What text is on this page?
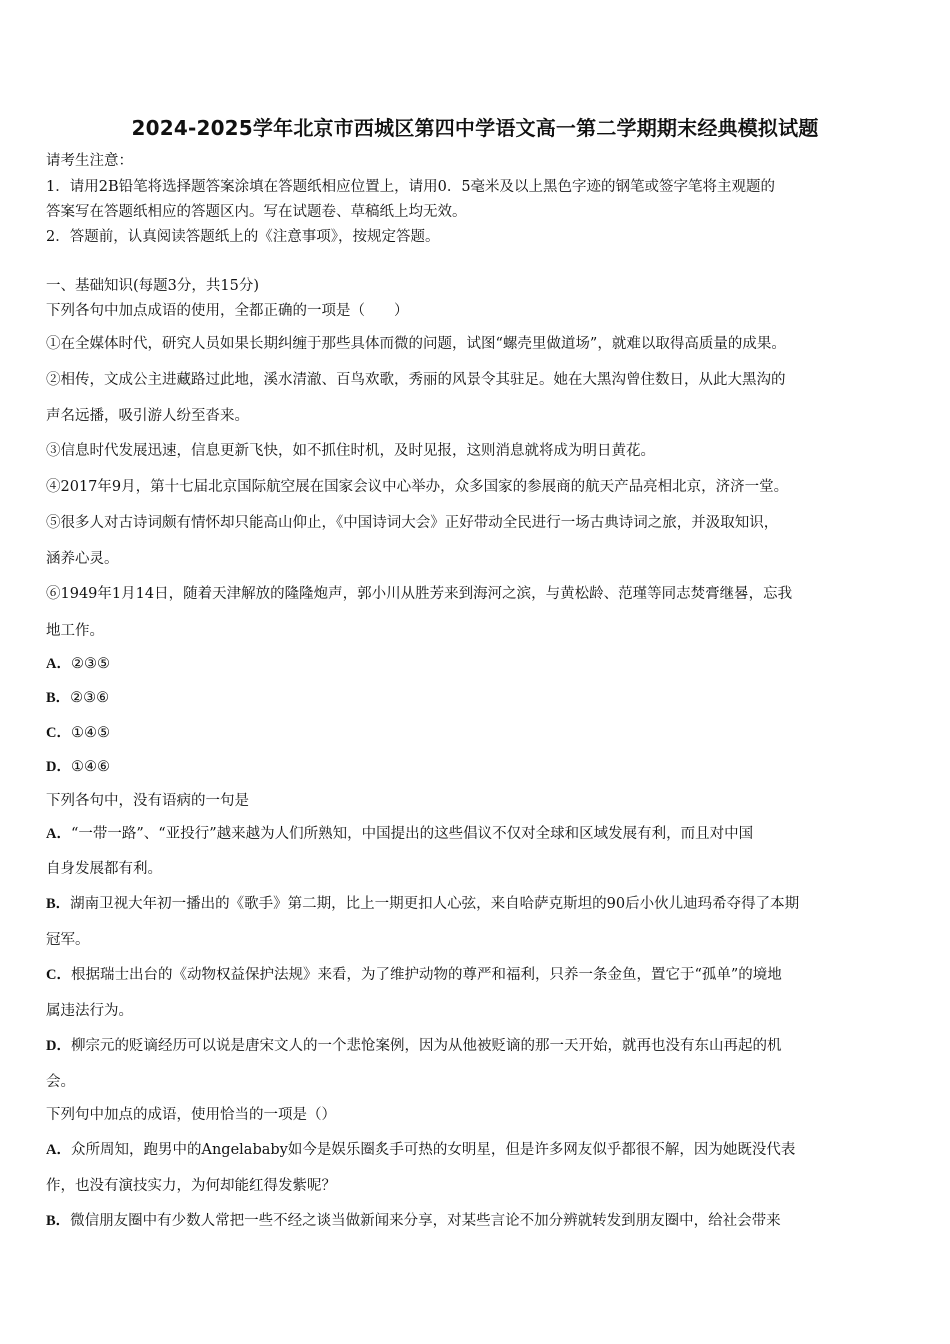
2024-2025学年北京市西城区第四中学语文高一第二学期期末经典模拟试题
请考生注意：
1．请用2B铅笔将选择题答案涂填在答题纸相应位置上，请用0．5毫米及以上黑色字迹的钢笔或签字笔将主观题的
答案写在答题纸相应的答题区内。写在试题卷、草稿纸上均无效。
2．答题前，认真阅读答题纸上的《注意事项》，按规定答题。
一、基础知识(每题3分，共15分)
下列各句中加点成语的使用，全都正确的一项是（　　）
①在全媒体时代，研究人员如果长期纠缠于那些具体而微的问题，试图“螺壳里做道场”，就难以取得高质量的成果。
②相传，文成公主进藏路过此地，溪水清澈、百鸟欢歌，秀丽的风景令其驻足。她在大黑沟曾住数日，从此大黑沟的
声名远播，吸引游人纷至沓来。
③信息时代发展迅速，信息更新飞快，如不抓住时机，及时见报，这则消息就将成为明日黄花。
④2017年9月，第十七届北京国际航空展在国家会议中心举办，众多国家的参展商的航天产品亮相北京，济济一堂。
⑤很多人对古诗词颇有情怀却只能高山仰止，《中国诗词大会》正好带动全民进行一场古典诗词之旅，并汲取知识，
涵养心灵。
⑥1949年1月14日，随着天津解放的隆隆炮声，郭小川从胜芳来到海河之滨，与黄松龄、范瑾等同志焚膏继晷，忘我
地工作。
A．②③⑤
B．②③⑥
C．①④⑤
D．①④⑥
下列各句中，没有语病的一句是
A．“一带一路”、“亚投行”越来越为人们所熟知，中国提出的这些倡议不仅对全球和区域发展有利，而且对中国
自身发展都有利。
B．湖南卫视大年初一播出的《歌手》第二期，比上一期更扣人心弦，来自哈萨克斯坦的90后小伙儿迪玛希夺得了本期
冠军。
C．根据瑞士出台的《动物权益保护法规》来看，为了维护动物的尊严和福利，只养一条金鱼，置它于“孤单”的境地
属违法行为。
D．柳宗元的贬谪经历可以说是唐宋文人的一个悲怆案例，因为从他被贬谪的那一天开始，就再也没有东山再起的机
会。
下列句中加点的成语，使用恰当的一项是（）
A．众所周知，跑男中的Angelababy如今是娱乐圈炙手可热的女明星，但是许多网友似乎都很不解，因为她既没代表
作，也没有演技实力，为何却能红得发紫呢？
B．微信朋友圈中有少数人常把一些不经之谈当做新闻来分享，对某些言论不加分辨就转发到朋友圈中，给社会带来
